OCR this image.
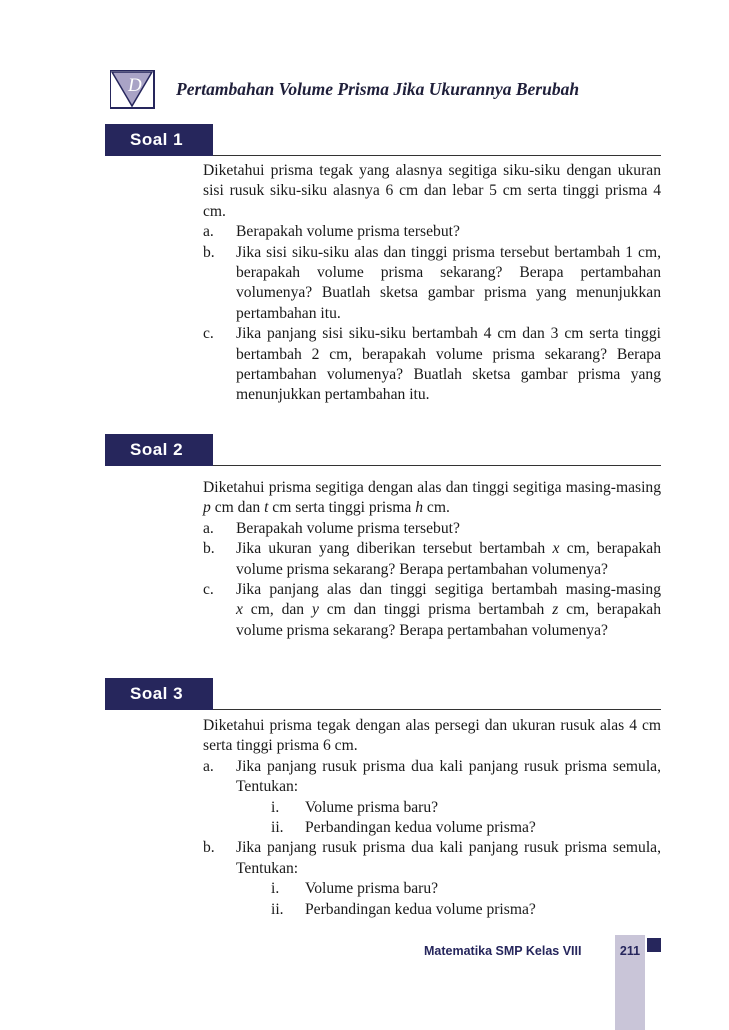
D Pertambahan Volume Prisma Jika Ukurannya Berubah
Soal 1

Diketahui prisma tegak yang alasnya segitiga siku-siku dengan ukuran sisi rusuk siku-siku alasnya 6 cm dan lebar 5 cm serta tinggi prisma 4 cm.

a. Berapakah volume prisma tersebut?
b. Jika sisi siku-siku alas dan tinggi prisma tersebut bertambah 1 cm, berapakah volume prisma sekarang? Berapa pertambahan volumenya? Buatlah sketsa gambar prisma yang menunjukkan pertambahan itu.
c. Jika panjang sisi siku-siku bertambah 4 cm dan 3 cm serta tinggi bertambah 2 cm, berapakah volume prisma sekarang? Berapa pertambahan volumenya? Buatlah sketsa gambar prisma yang menunjukkan pertambahan itu.
Soal 2

Diketahui prisma segitiga dengan alas dan tinggi segitiga masing-masing p cm dan t cm serta tinggi prisma h cm.

a. Berapakah volume prisma tersebut?
b. Jika ukuran yang diberikan tersebut bertambah x cm, berapakah volume prisma sekarang? Berapa pertambahan volumenya?
c. Jika panjang alas dan tinggi segitiga bertambah masing-masing        x cm, dan y cm dan tinggi prisma bertambah z cm, berapakah volume prisma sekarang? Berapa pertambahan volumenya?
Soal 3

Diketahui prisma tegak dengan alas persegi dan ukuran rusuk alas 4 cm serta tinggi prisma 6 cm.

a. Jika panjang rusuk prisma dua kali panjang rusuk prisma semula, Tentukan:
i. Volume prisma baru?
ii. Perbandingan kedua volume prisma?
b. Jika panjang rusuk prisma dua kali panjang rusuk prisma semula, Tentukan:
i. Volume prisma baru?
ii. Perbandingan kedua volume prisma?
Matematika SMP Kelas VIII	211
